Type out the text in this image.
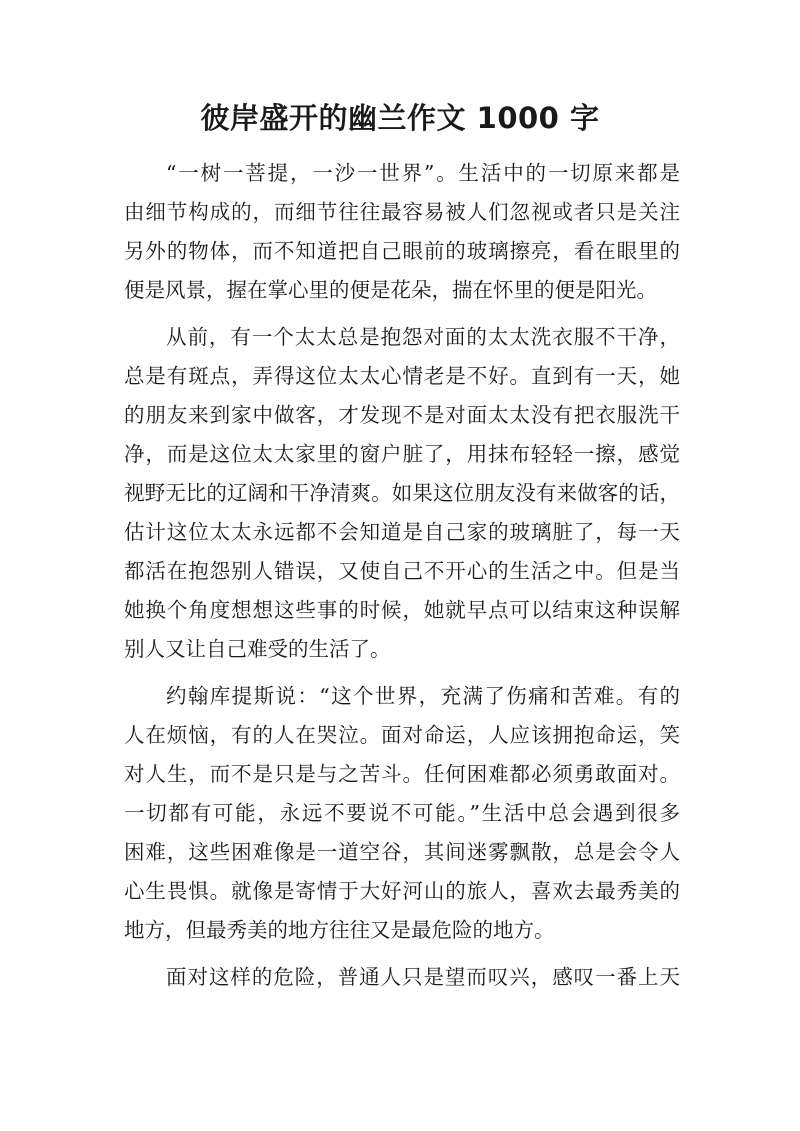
彼岸盛开的幽兰作文 1000 字
“一树一菩提，一沙一世界”。生活中的一切原来都是
由细节构成的，而细节往往最容易被人们忽视或者只是关注
另外的物体，而不知道把自己眼前的玻璃擦亮，看在眼里的
便是风景，握在掌心里的便是花朵，揣在怀里的便是阳光。
从前，有一个太太总是抱怨对面的太太洗衣服不干净，
总是有斑点，弄得这位太太心情老是不好。直到有一天，她
的朋友来到家中做客，才发现不是对面太太没有把衣服洗干
净，而是这位太太家里的窗户脏了，用抹布轻轻一擦，感觉
视野无比的辽阔和干净清爽。如果这位朋友没有来做客的话，
估计这位太太永远都不会知道是自己家的玻璃脏了，每一天
都活在抱怨别人错误，又使自己不开心的生活之中。但是当
她换个角度想想这些事的时候，她就早点可以结束这种误解
别人又让自己难受的生活了。
约翰库提斯说：“这个世界，充满了伤痛和苦难。有的
人在烦恼，有的人在哭泣。面对命运，人应该拥抱命运，笑
对人生，而不是只是与之苦斗。任何困难都必须勇敢面对。
一切都有可能，永远不要说不可能。”生活中总会遇到很多
困难，这些困难像是一道空谷，其间迷雾飘散，总是会令人
心生畏惧。就像是寄情于大好河山的旅人，喜欢去最秀美的
地方，但最秀美的地方往往又是最危险的地方。
面对这样的危险，普通人只是望而叹兴，感叹一番上天
